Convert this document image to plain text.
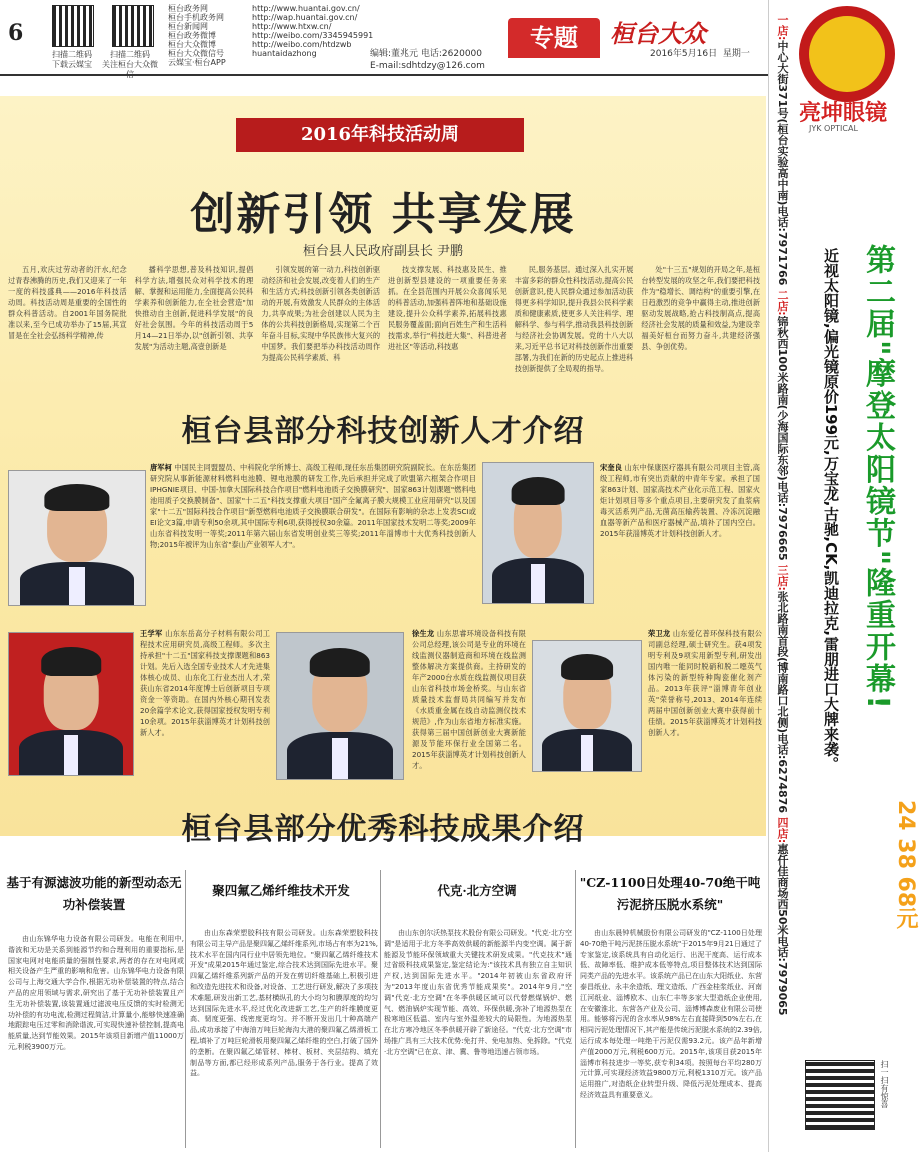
6
扫描二维码
下载云媒宝
扫描二维码
关注桓台大众微信
桓台政务网	http://www.huantai.gov.cn/
桓台手机政务网	http://wap.huantai.gov.cn/
桓台新闻网	http://www.htxw.cn/
桓台政务微博	http://weibo.com/3345945991
桓台大众微博	http://weibo.com/htdzwb
桓台大众微信号	huantaidazhong
云媒宝·桓台APP
编辑:董兆元 电话:2620000
E-mail:sdhtdzy@126.com
专题	桓台大众
2016年5月16日 星期一
2016年科技活动周
创新引领 共享发展
桓台县人民政府副县长 尹鹏
五月,欢庆过劳动者的汗水,纪念过青春沸腾的历史,我们又迎来了一年一度的科技盛典——2016年科技活动周。科技活动周是重要的全国性的群众科普活动。自2001年国务院批准以来,至今已成功举办了15届,其宣冒是在全社会弘扬科学精神,传
播科学思想,普及科技知识,提倡科学方法,增强民众对科学技术的理解、掌握和运用能力,全面提高公民科学素养和创新能力,在全社会营造"加快推动自主创新,促进科学发展"的良好社会氛围。今年的科技活动周于5月14—21日举办,以"创新引领、共享发展"为活动主题,高壹创新是
引领发展的第一动力,科技创新驱动经济和社会发展,改变着人们的生产和生活方式;科技创新引领各类创新活动的开展,有效激发人民群众的主体活力,共享成果;为社会创建以人民为主体的公共科技创新格局,实现第二个百年奋斗目标,实现中华民族伟大复兴的中国梦。我们要把举办科技活动周作为提高公民科学素质、科
技支撑发展、科技惠及民生、推进创新型县建设的一项重要任务来抓。在全县范围内开展公众喜闻乐见的科普活动,加强科普阵地和基础设施建设,提升公众科学素养,拓展科技惠民服务覆盖面;面向百姓生产和生活科技需求,举行"科技赶大集"、科普进者进社区"等活动,科技惠
民,服务基层。通过深入扎实开展丰富多彩的群众性科技活动,提高公民创新意识,使人民群众通过参加活动获得更多科学知识,提升我县公民科学素质和健康素质,使更多人关注科学、理解科学、参与科学,推动我县科技创新与经济社会协调发展。党的十八大以来,习近平总书记对科技创新作出重要部署,为我们在新的历史起点上推进科技创新提供了全局观的指导。
处"十三五"规划的开局之年,是桓台转型发展的攻坚之年,我们要把科技作为"稳增长、调结构"的重要引擎,在日趋激烈的竞争中赢得主动,推进创新驱动发展战略,抢占科技制高点,提高经济社会发展的质量和效益,为建设幸福美好桓台而努力奋斗,共建经济强县、争创优势。
桓台县部分科技创新人才介绍
唐军柯 中国民主同盟盟员、中科院化学所博士、高级工程师,现任东岳集团研究院副院长。在东岳集团研究院从事新能源材料燃料电池膜、锂电池膜的研发工作,先后承担并完成了欧盟第六框架合作项目IPHGNIE项目、中国-加拿大国际科技合作项目"燃料电池质子交换膜研究"、国家863计划课题"燃料电池用质子交换膜制备"、国家"十二五"科技支撑重大项目"国产全氟离子膜大规模工业应用研究"以及国家"十二五"国际科技合作项目"新型燃料电池质子交换膜联合研发"。在国际有影响的杂志上发表SCI或EI论文3篇,申请专利50余项,其中国际专利6项,获得授权30余篇。2011年国家技术发明二等奖;2009年山东省科技发明一等奖;2011年第六届山东省发明创业奖三等奖;2011年淄博市十大优秀科技创新人物;2015年被评为山东省"泰山产业领军人才"。
宋奎良 山东中保康医疗器具有限公司项目主管,高级工程师,市有突出贡献的中青年专家。承担了国家863计划、国家高技术产业化示范工程、国家火炬计划项目等多个重点项目,主要研究发了血浆病毒灭活系列产品,无菌高压输药装置、冷冻沉淀融血器等新产品和医疗器械产品,填补了国内空白。2015年获淄博英才计划科技创新人才。
王学军 山东东岳高分子材料有限公司工程技术应用研究员,高级工程师。多次主持承担"十二五"国家科技支撑课题和863计划。先后入选全国专业技术人才先进集体核心成员、山东化工行业杰出人才,荣获山东省2014年度博士后创新项目专项资金一等资助。在国内外核心期刊发表20余篇学术论文,获得国家授权发明专利10余项。2015年获淄博英才计划科技创新人才。
徐生龙 山东思睿环境设备科技有限公司总经理,该公司是专业的环境在线监测仪器制造商和环境在线监测整体解决方案提供商。主持研发的年产2000台水质在线监测仪项目获山东省科技市场金桥奖。与山东省质量技术监督局共同编写并发布《水质重金属在线自动监测仪技术规范》,作为山东省地方标准实施。获得第三届中国创新创业大赛新能源及节能环保行业全国第二名。2015年获淄博英才计划科技创新人才。
荣卫龙 山东爱亿普环保科技有限公司副总经理,硕士研究生。获4项发明专利及9项实用新型专利,研发出国内唯一能同时脱硝和脱二噁英气体污染的新型特种陶瓷催化剂产品。2013年获评"淄博青年创业英"荣誉称号,2013、2014年连续两届中国创新创业大赛中获得前十佳绩。2015年获淄博英才计划科技创新人才。
桓台县部分优秀科技成果介绍
基于有源滤波功能的新型动态无功补偿装置
聚四氟乙烯纤维技术开发	代克·北方空调
"CZ-1100日处理40-70绝干吨污泥挤压脱水系统"
由山东锦华电力设备有限公司研发。电能在利用中,谐波和无功是关系到能源节约和合理利用的重要指标,是国家电网对电能质量的强制性要求,两者的存在对电网或相关设备产生严重的影响和危害。山东锦华电力设备有限公司与上海交通大学合作,根据无功补偿装置的特点,结合产品的应用领域与需求,研究出了基于无功补偿装置且产生无功补偿装置,该装置通过滤波电压反馈的实时检测无功补偿的有功电流,检测过程简洁,计算量小,能够快速准确地跟踪电压过零和消除谐波,可实现快速补偿控制,提高电能质量,达到节能效果。2015年该项目新增产值11000万元,利税3900万元。
由山东森荣塑胶科技有限公司研发。山东森荣塑胶科技有限公司主导产品是聚四氟乙烯纤维系列,市场占有率为21%,技术水平在国内同行业中居领先地位。"聚四氟乙烯纤维技术开发"成果2015年通过鉴定,综合技术达到国际先进水平。聚四氟乙烯纤维系列新产品的开发在剪切纤维基础上,积极引进和改造先进技术和设备,对设备、工艺进行研发,解决了多项技术难题,研发出新工艺,基材横纵孔的大小均匀和膜厚度的均匀达到国际先进水平,经过优化改进新工艺,生产的纤维膜度更高、韧度更强、线密度更均匀。并不断开发出几十种高端产品,成功承接了中海油万吨巨轮海沟大港的聚四氟乙烯滑板工程,填补了万吨巨轮滑板用聚四氟乙烯纤维的空白,打破了国外的垄断。在聚四氟乙烯管材、棒材、板材、夹层结构、填充制品等方面,都已经形成系列产品,服务于各行业。提高了效益。
由山东创尔沃热泵技术股份有限公司研发。"代克·北方空调"是适用于北方冬季高效供暖的新能源半内变空调。属于新能源及节能环保领域重大关键技术研发成果。"代克技术"通过省级科技成果鉴定,鉴定结论为:"该技术具有独立自主知识产权,达到国际先进水平。"2014年初被山东省政府评为"2013年度山东省优秀节能成果奖"。2014年9月,"空调"代克·北方空调"在冬季供暖区域可以代替燃煤锅炉、燃气、燃油锅炉实现节能、高效、环保供暖,弥补了地源热泵在极寒地区低温、室内与室外温差较大的局限性。为地源热泵在北方寒冷地区冬季供暖开辟了新途径。"代克·北方空调"市场推广具有三大技术优势:免打井、免电加热、免拆除。"代克·北方空调"已在京、津、冀、鲁等地迅速占领市场。
由山东晨钟机械股份有限公司研发的"CZ-1100日处理40-70绝干吨污泥挤压脱水系统"于2015年9月21日通过了专家鉴定,该系统具有自动化运行、出泥干度高、运行成本低、故障率低、维护成本低等特点,项目整体技术达到国际同类产品的先进水平。该系统产品已在山东大阳纸业、东营泰昌纸业、永丰余造纸、理文造纸、广西金桂浆纸业、河南江河纸业、淄博欧木、山东仁丰等多家大型造纸企业使用,在安徽淮北、东营各产业及公司、淄博博森废业有限公司使用。能够将污泥的含水率从98%左右直接降到50%左右,在相同污泥处理情况下,其产能是传统污泥脱水系统的2.39倍,运行成本每处理一吨绝干污泥仅需93.2元。该产品年新增产值2000万元,利税600万元。2015年,该项目获2015年淄博市科技进步一等奖,获专利34项。按照每台平均280万元计算,可实现经济效益9800万元,利税1310万元。该产品运用推广,对造纸企业转型升级、降低污泥处理成本、提高经济效益具有重要意义。
一店:中心大街371号(桓台实验高中南)电话:7971766 二店:锦秋西100米路南(少海国际东邻)电话:7976665 三店:张北路南首段(博南路口北侧)电话:6274876 四店:惠仟佳商场西50米电话:7979065
亮坤眼镜
JYK OPTICAL
第二届"摩登太阳镜节"隆重开幕!
近视太阳镜,偏光镜原价199元,万宝龙,古驰,CK,凯迪拉克,雷朋进口大牌来袭。
24 38 68元
扫一扫有惊喜
